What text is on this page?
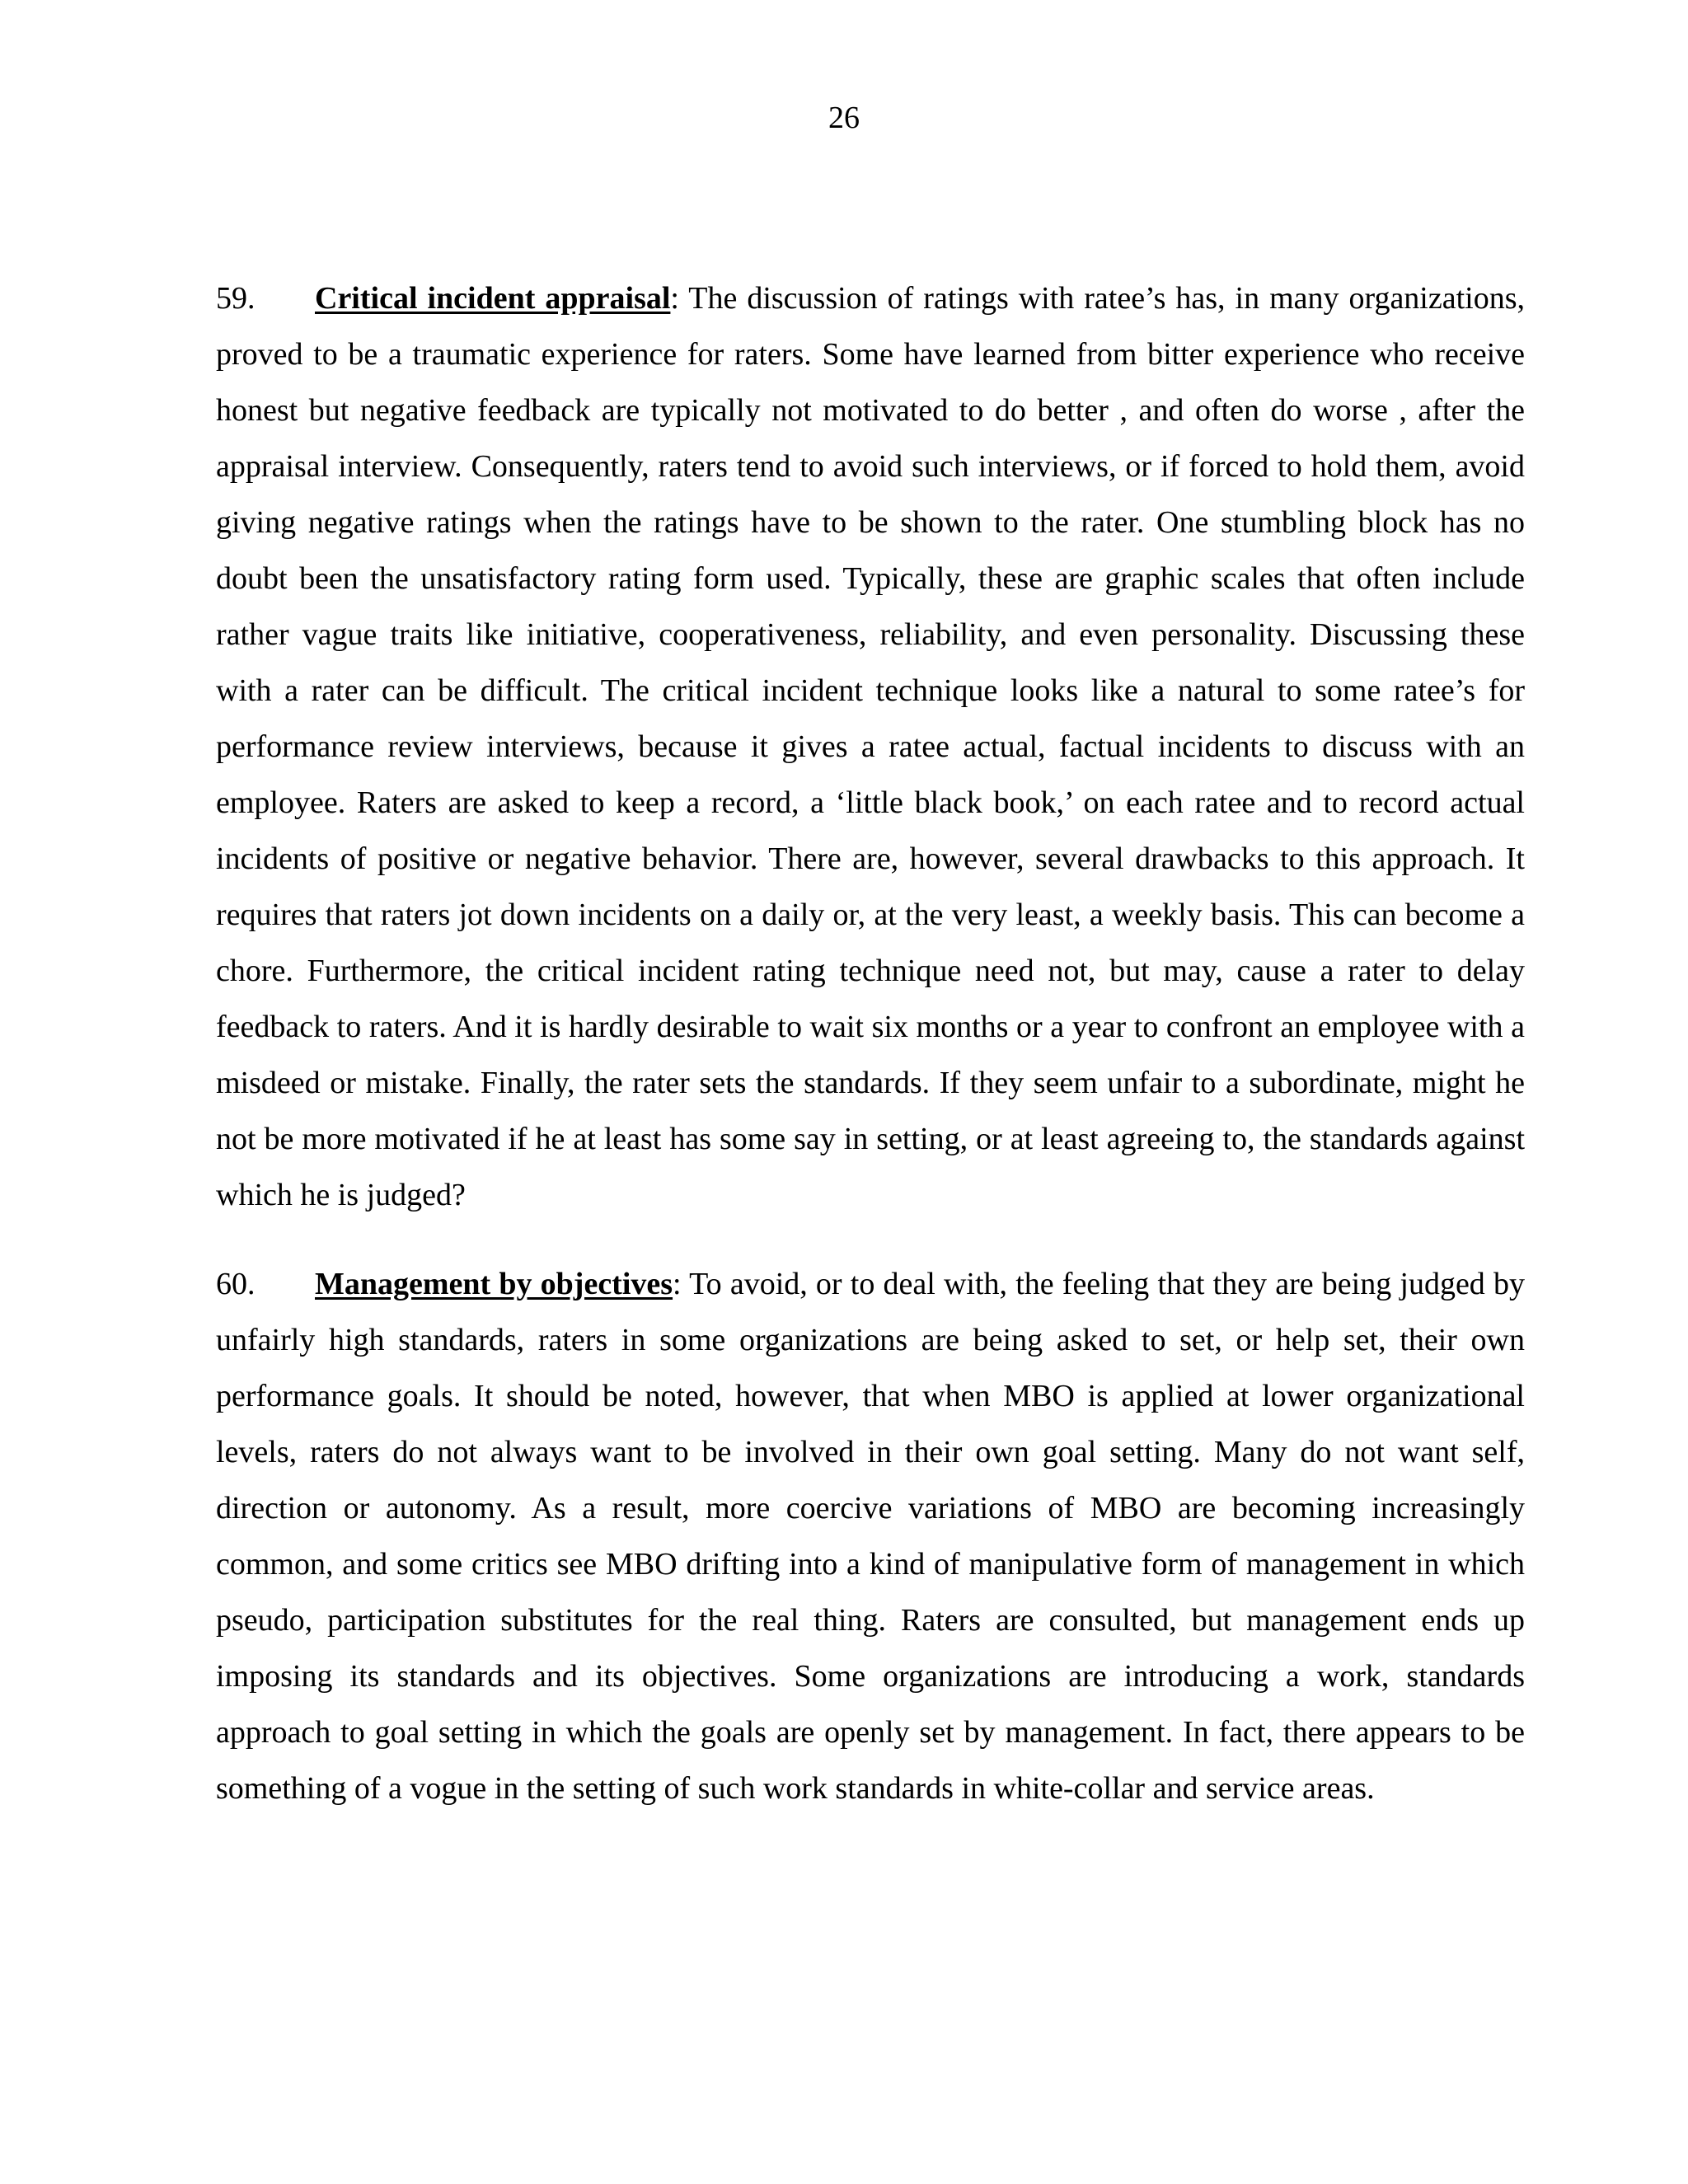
26

59. Critical incident appraisal: The discussion of ratings with ratee’s has, in many organizations, proved to be a traumatic experience for raters. Some have learned from bitter experience who receive honest but negative feedback are typically not motivated to do better , and often do worse , after the appraisal interview. Consequently, raters tend to avoid such interviews, or if forced to hold them, avoid giving negative ratings when the ratings have to be shown to the rater. One stumbling block has no doubt been the unsatisfactory rating form used. Typically, these are graphic scales that often include rather vague traits like initiative, cooperativeness, reliability, and even personality. Discussing these with a rater can be difficult. The critical incident technique looks like a natural to some ratee’s for performance review interviews, because it gives a ratee actual, factual incidents to discuss with an employee. Raters are asked to keep a record, a ‘little black book,’ on each ratee and to record actual incidents of positive or negative behavior. There are, however, several drawbacks to this approach. It requires that raters jot down incidents on a daily or, at the very least, a weekly basis. This can become a chore. Furthermore, the critical incident rating technique need not, but may, cause a rater to delay feedback to raters. And it is hardly desirable to wait six months or a year to confront an employee with a misdeed or mistake. Finally, the rater sets the standards. If they seem unfair to a subordinate, might he not be more motivated if he at least has some say in setting, or at least agreeing to, the standards against which he is judged?

60. Management by objectives: To avoid, or to deal with, the feeling that they are being judged by unfairly high standards, raters in some organizations are being asked to set, or help set, their own performance goals. It should be noted, however, that when MBO is applied at lower organizational levels, raters do not always want to be involved in their own goal setting. Many do not want self, direction or autonomy. As a result, more coercive variations of MBO are becoming increasingly common, and some critics see MBO drifting into a kind of manipulative form of management in which pseudo, participation substitutes for the real thing. Raters are consulted, but management ends up imposing its standards and its objectives. Some organizations are introducing a work, standards approach to goal setting in which the goals are openly set by management. In fact, there appears to be something of a vogue in the setting of such work standards in white-collar and service areas.
